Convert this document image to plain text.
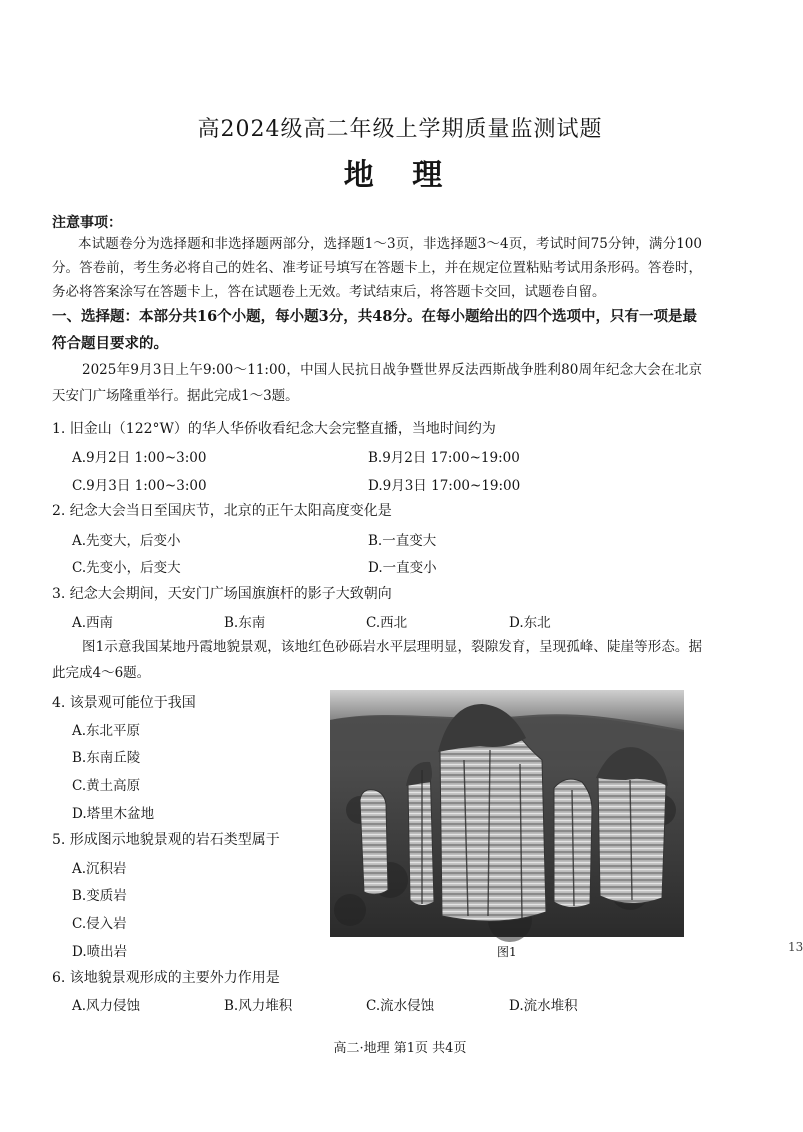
高2024级高二年级上学期质量监测试题
地 理
注意事项：
本试题卷分为选择题和非选择题两部分，选择题1～3页，非选择题3～4页，考试时间75分钟，满分100分。答卷前，考生务必将自己的姓名、准考证号填写在答题卡上，并在规定位置粘贴考试用条形码。答卷时，务必将答案涂写在答题卡上，答在试题卷上无效。考试结束后，将答题卡交回，试题卷自留。
一、选择题：本部分共16个小题，每小题3分，共48分。在每小题给出的四个选项中，只有一项是最符合题目要求的。
2025年9月3日上午9:00～11:00，中国人民抗日战争暨世界反法西斯战争胜利80周年纪念大会在北京天安门广场隆重举行。据此完成1～3题。
1. 旧金山（122°W）的华人华侨收看纪念大会完整直播，当地时间约为
A.9月2日 1:00~3:00	B.9月2日 17:00~19:00
C.9月3日 1:00~3:00	D.9月3日 17:00~19:00
2. 纪念大会当日至国庆节，北京的正午太阳高度变化是
A.先变大，后变小	B.一直变大
C.先变小，后变大	D.一直变小
3. 纪念大会期间，天安门广场国旗旗杆的影子大致朝向
A.西南	B.东南	C.西北	D.东北
图1示意我国某地丹霞地貌景观，该地红色砂砾岩水平层理明显，裂隙发育，呈现孤峰、陡崖等形态。据此完成4～6题。
4. 该景观可能位于我国
A.东北平原
B.东南丘陵
C.黄土高原
D.塔里木盆地
5. 形成图示地貌景观的岩石类型属于
A.沉积岩
B.变质岩
C.侵入岩
D.喷出岩	图1
6. 该地貌景观形成的主要外力作用是
A.风力侵蚀	B.风力堆积	C.流水侵蚀	D.流水堆积
高二·地理 第1页 共4页
13
